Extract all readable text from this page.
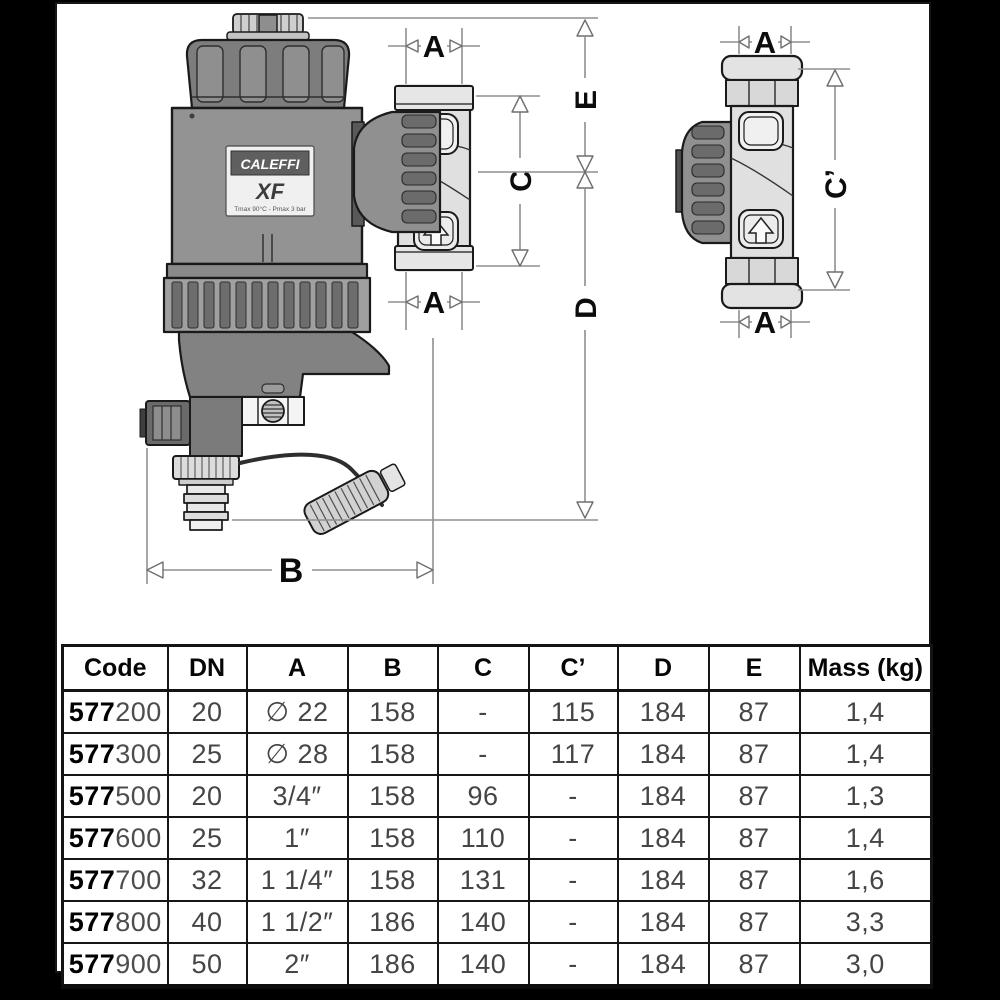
CALEFFI
XF
Tmax 90°C - Pmax 3 bar
A
A
C
E
D
B
A
A
C’
Code	DN	A	B	C	C’	D	E	Mass (kg)
577200	20	∅ 22	158	-	115	184	87	1,4
577300	25	∅ 28	158	-	117	184	87	1,4
577500	20	3/4″	158	96	-	184	87	1,3
577600	25	1″	158	110	-	184	87	1,4
577700	32	1 1/4″	158	131	-	184	87	1,6
577800	40	1 1/2″	186	140	-	184	87	3,3
577900	50	2″	186	140	-	184	87	3,0
